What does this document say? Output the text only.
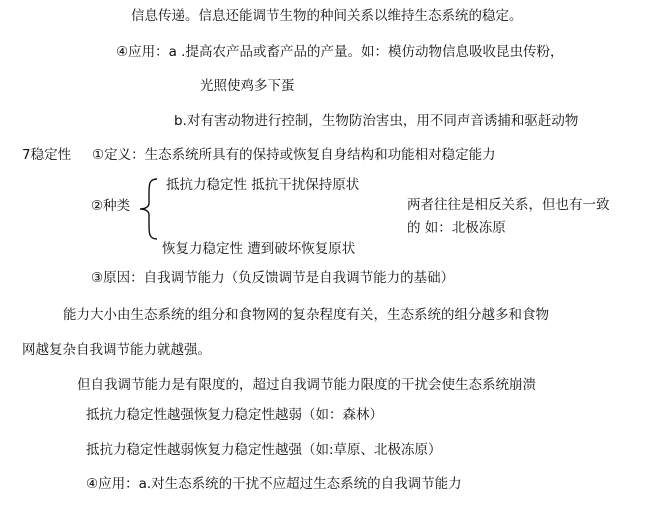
信息传递。信息还能调节生物的种间关系以维持生态系统的稳定。
④应用：a .提高农产品或畜产品的产量。如：模仿动物信息吸收昆虫传粉，
光照使鸡多下蛋
b.对有害动物进行控制，生物防治害虫，用不同声音诱捕和驱赶动物
7稳定性 ①定义：生态系统所具有的保持或恢复自身结构和功能相对稳定能力
抵抗力稳定性 抵抗干扰保持原状
②种类	两者往往是相反关系，但也有一致
的 如：北极冻原
恢复力稳定性 遭到破坏恢复原状
③原因：自我调节能力（负反馈调节是自我调节能力的基础）
能力大小由生态系统的组分和食物网的复杂程度有关，生态系统的组分越多和食物
网越复杂自我调节能力就越强。
但自我调节能力是有限度的，超过自我调节能力限度的干扰会使生态系统崩溃
抵抗力稳定性越强恢复力稳定性越弱（如：森林）
抵抗力稳定性越弱恢复力稳定性越强（如:草原、北极冻原）
④应用：a.对生态系统的干扰不应超过生态系统的自我调节能力
